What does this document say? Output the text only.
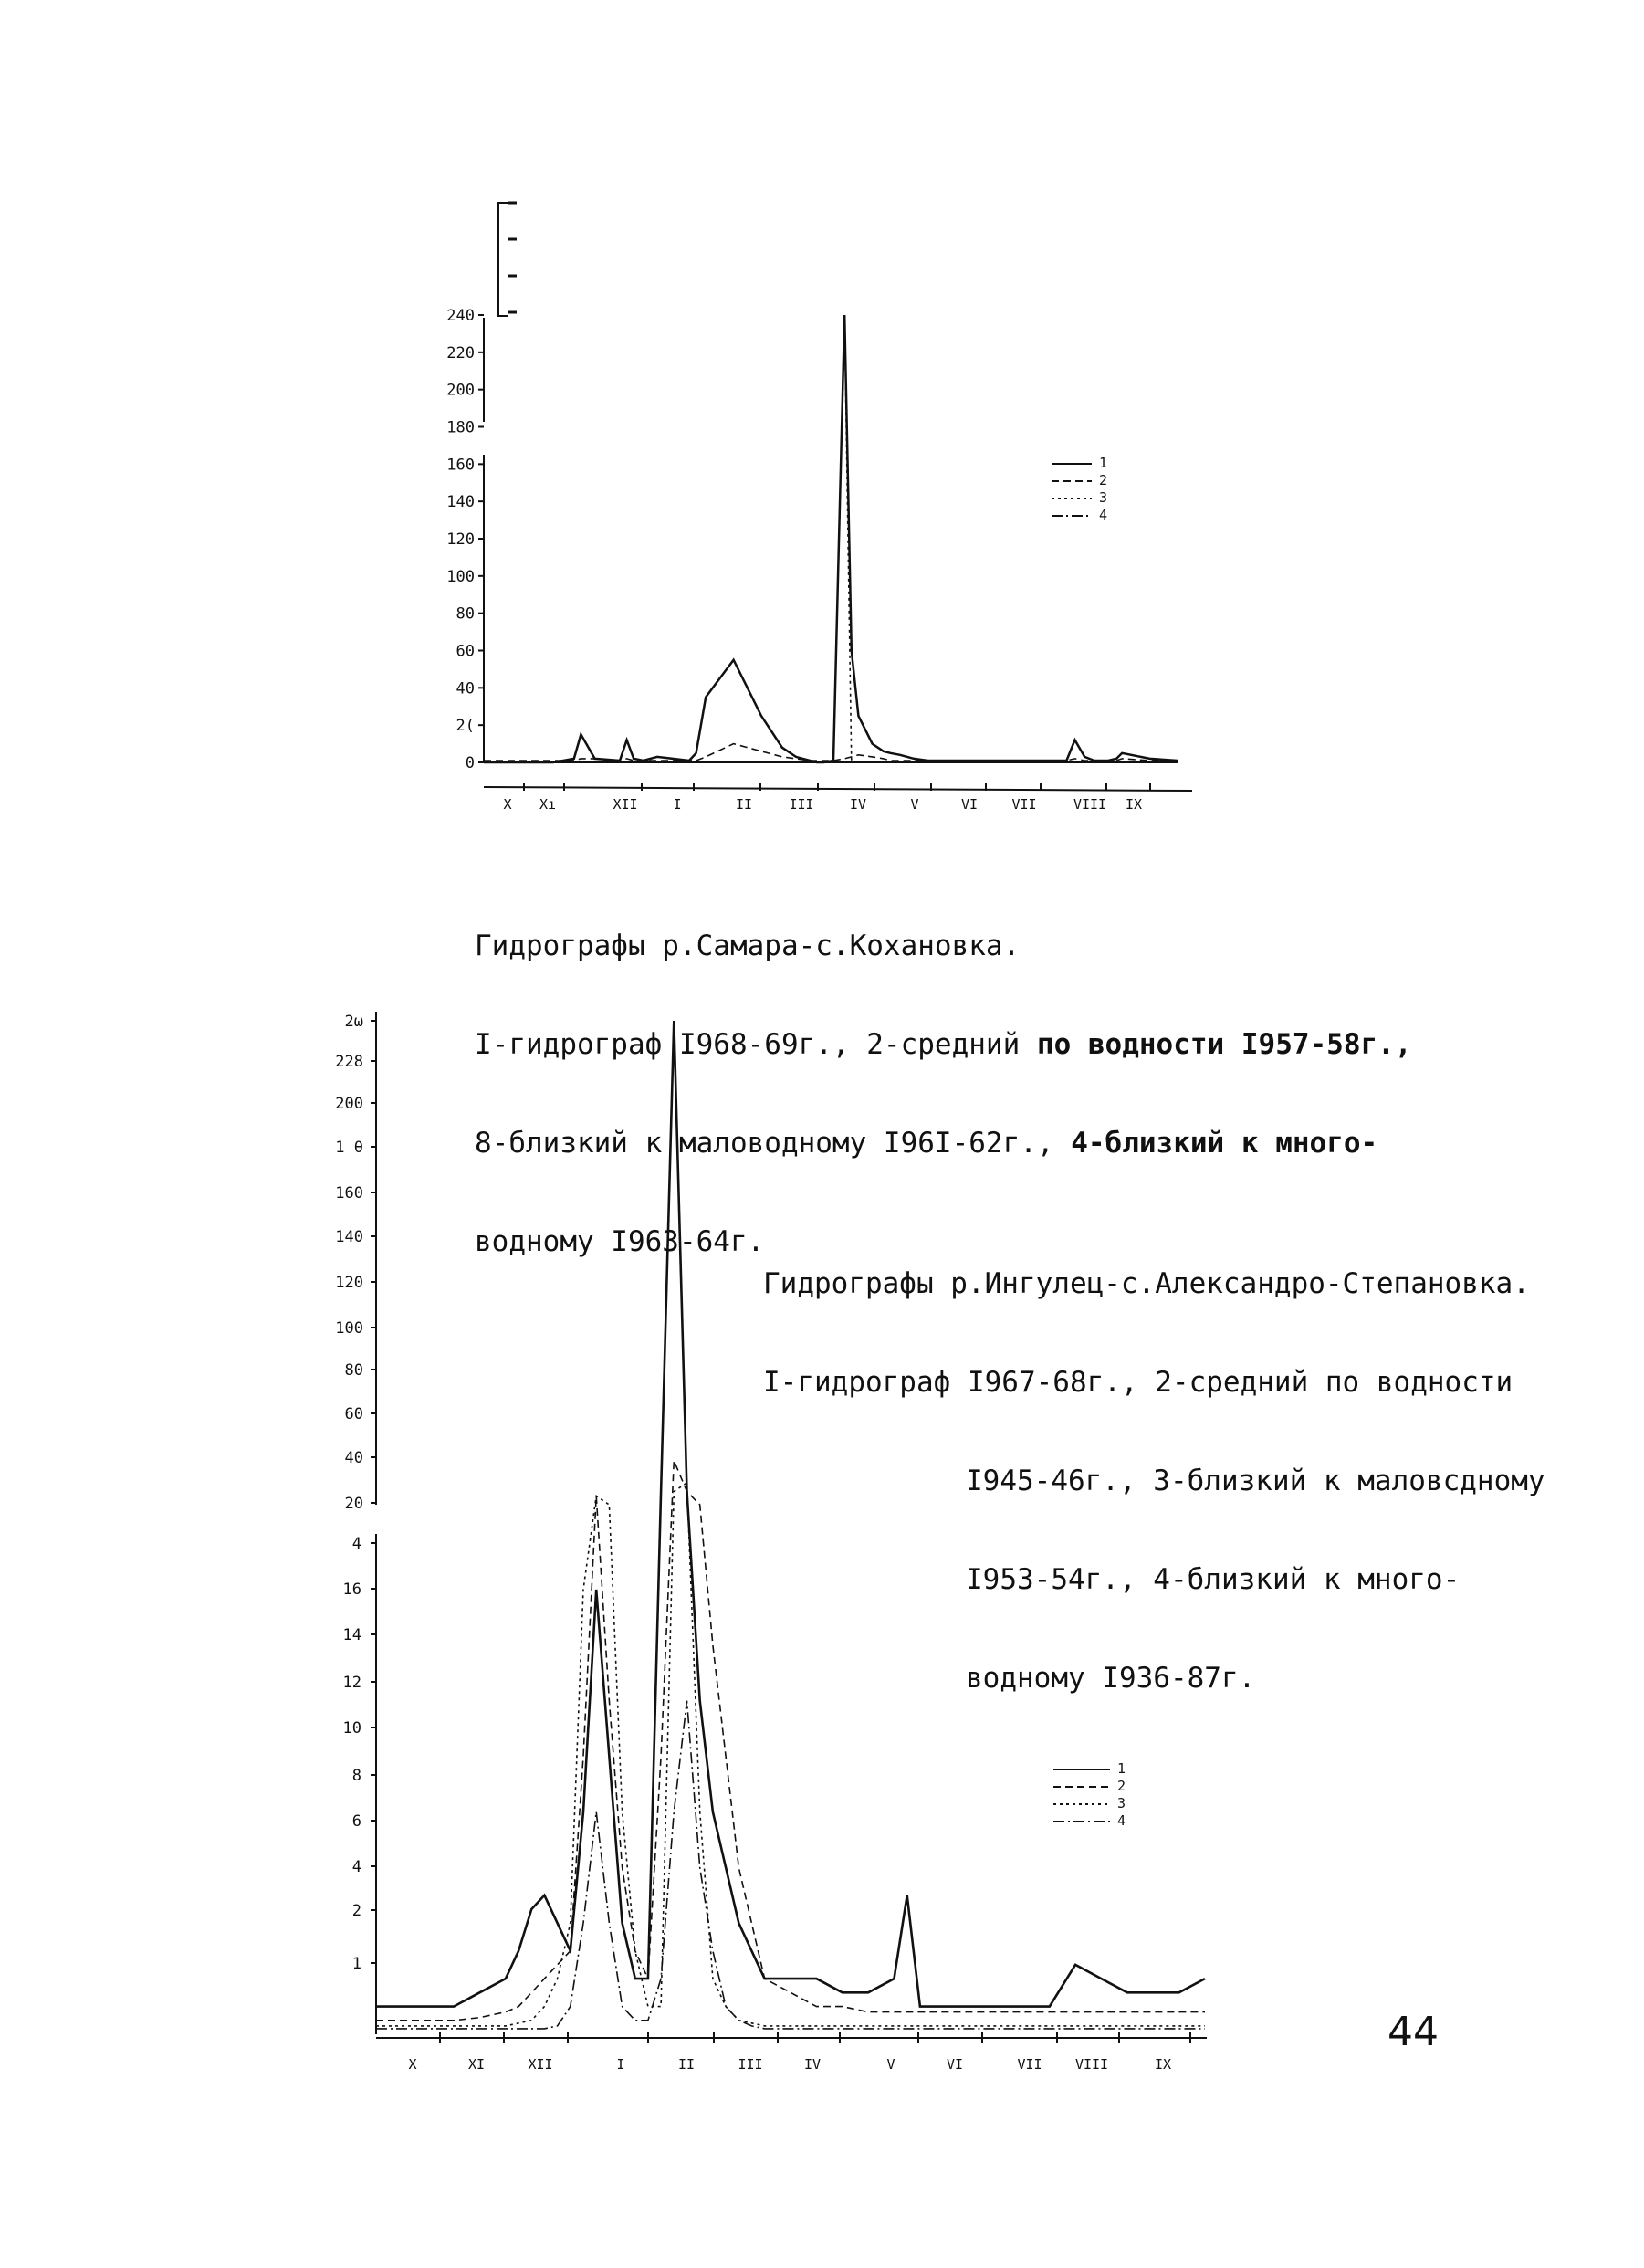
0
2(
40
60
80
100
120
140
160
180
200
220
240
X Xı	XII	I	II	III	IV	V	VI VII	VIII IX
1
2
3
4
2ω
228
200
1 θ
160
140
120
100
80
60
40
20
4
16
14
12
10
8
6
4
2
1
X	XI	XII	I	II	III	IV	V	VI	VII VIII	IX
1
2
3
4

Гидрографы р.Самара-с.Кохановка.

I-гидрограф I968-69г., 2-средний по водности I957-58г.,

8-близкий к маловодному I96I-62г., 4-близкий к много-

водному I963-64г.

Гидрографы р.Ингулец-с.Александро-Степановка.

I-гидрограф I967-68г., 2-средний по водности

I945-46г., 3-близкий к маловсдному

I953-54г., 4-близкий к много-

водному I936-87г.

44
